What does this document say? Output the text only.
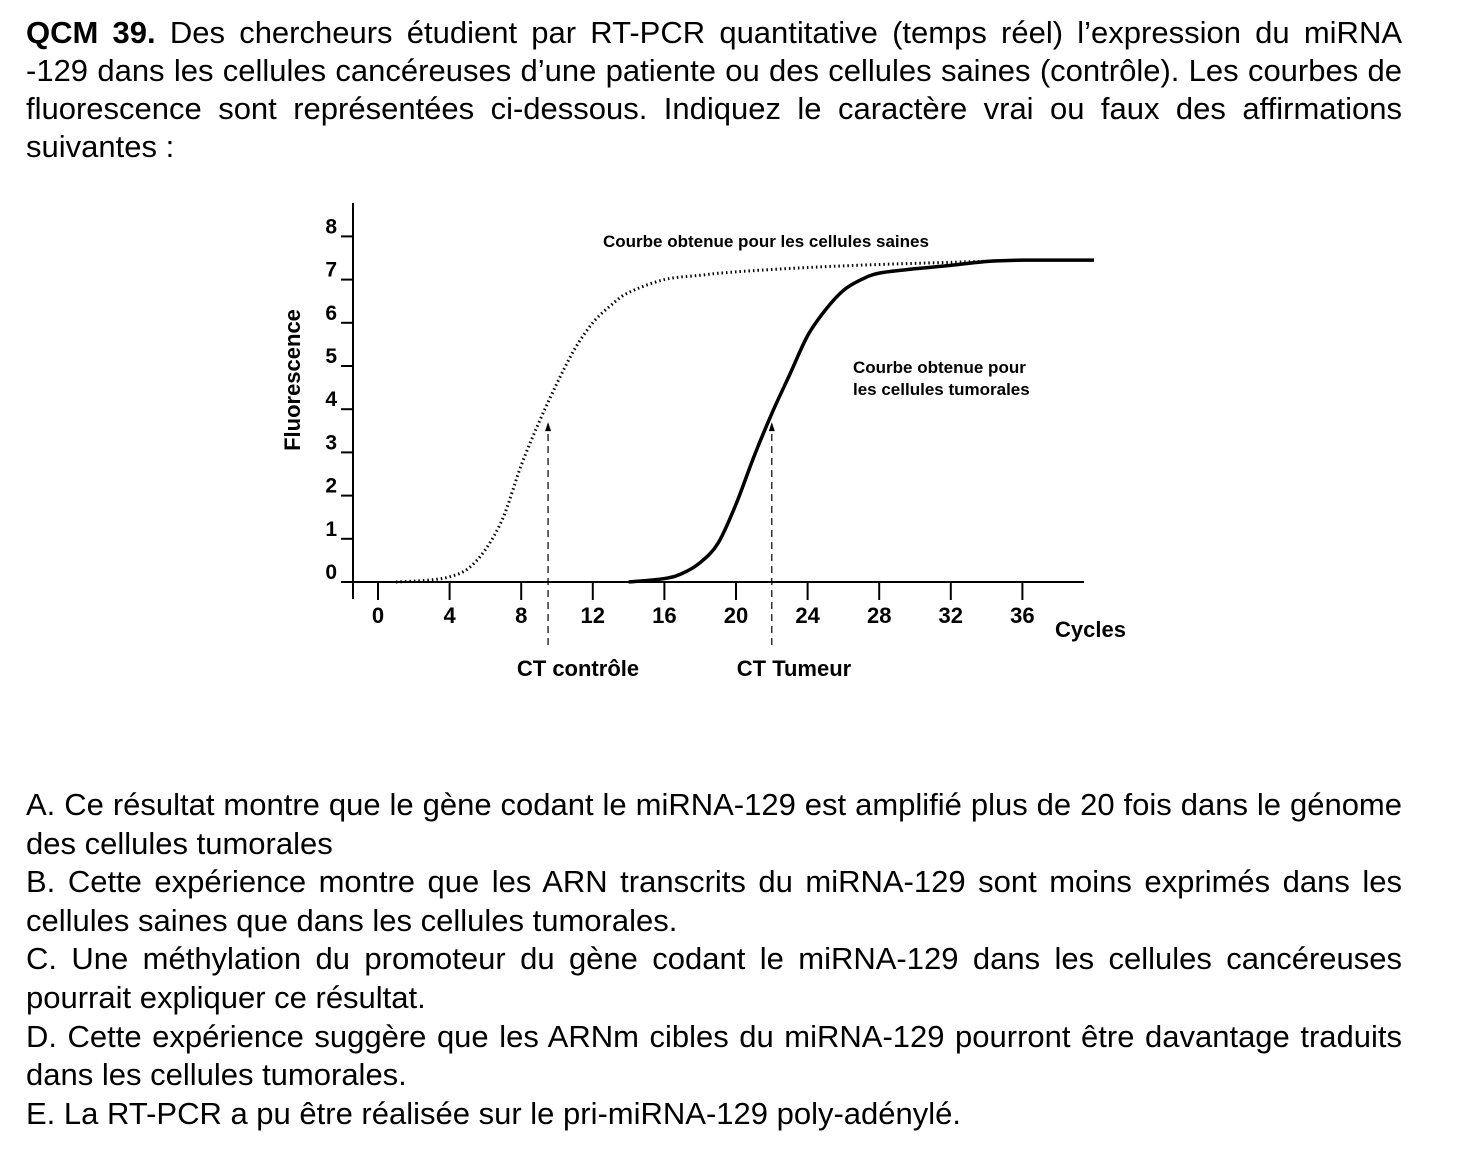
QCM 39. Des chercheurs étudient par RT-PCR quantitative (temps réel) l’expression du miRNA -129 dans les cellules cancéreuses d’une patiente ou des cellules saines (contrôle). Les courbes de fluorescence sont représentées ci-dessous. Indiquez le caractère vrai ou faux des affirmations suivantes :

0
1
2
3
4
5
6
7
8
0	4	8 12 16 20 24 28 32 36
Cycles
Fluorescence
CT contrôle	CT Tumeur
Courbe obtenue pour les cellules saines
Courbe obtenue pour
les cellules tumorales
A. Ce résultat montre que le gène codant le miRNA-129 est amplifié plus de 20 fois dans le génome des cellules tumorales
B. Cette expérience montre que les ARN transcrits du miRNA-129 sont moins exprimés dans les cellules saines que dans les cellules tumorales.
C. Une méthylation du promoteur du gène codant le miRNA-129 dans les cellules cancéreuses pourrait expliquer ce résultat.
D. Cette expérience suggère que les ARNm cibles du miRNA-129 pourront être davantage traduits dans les cellules tumorales.
E. La RT-PCR a pu être réalisée sur le pri-miRNA-129 poly-adénylé.
